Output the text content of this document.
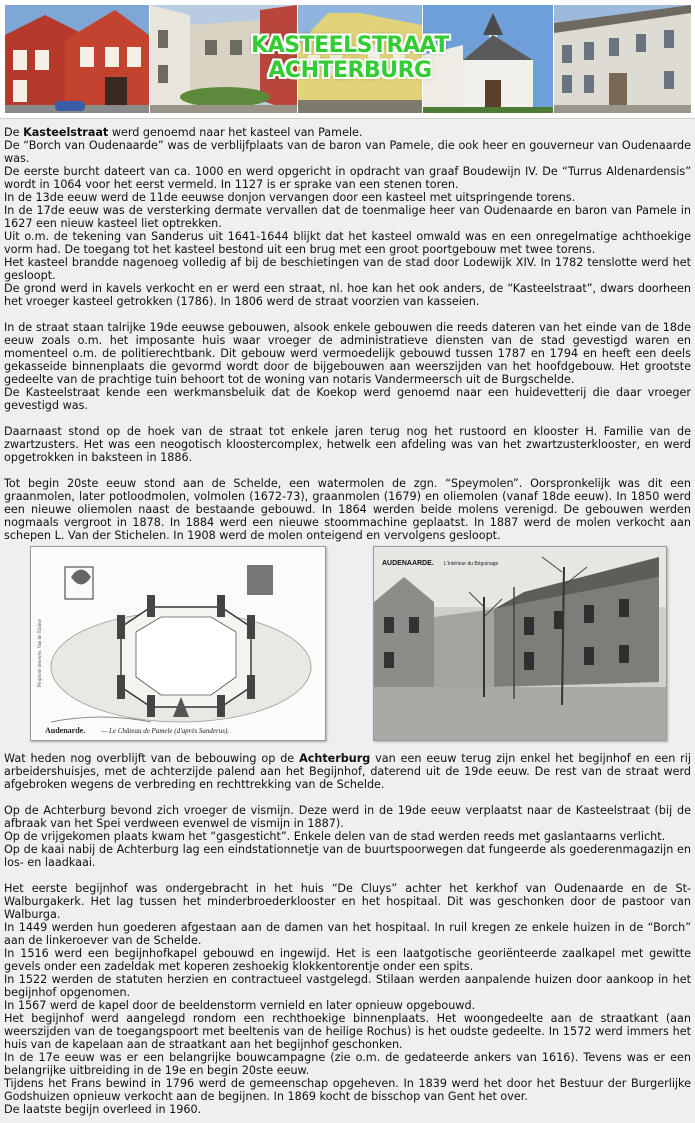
KASTEELSTRAAT
ACHTERBURG

De Kasteelstraat werd genoemd naar het kasteel van Pamele.

De “Borch van Oudenaarde” was de verblijfplaats van de baron van Pamele, die ook heer en gouverneur van Oudenaarde was.

De eerste burcht dateert van ca. 1000 en werd opgericht in opdracht van graaf Boudewijn IV. De “Turrus Aldenardensis” wordt in 1064 voor het eerst vermeld. In 1127 is er sprake van een stenen toren.

In de 13de eeuw werd de 11de eeuwse donjon vervangen door een kasteel met uitspringende torens.

In de 17de eeuw was de versterking dermate vervallen dat de toenmalige heer van Oudenaarde en baron van Pamele in 1627 een nieuw kasteel liet optrekken.

Uit o.m. de tekening van Sanderus uit 1641-1644 blijkt dat het kasteel omwald was en een onregelmatige achthoekige vorm had. De toegang tot het kasteel bestond uit een brug met een groot poortgebouw met twee torens.

Het kasteel brandde nagenoeg volledig af bij de beschietingen van de stad door Lodewijk XIV. In 1782 tenslotte werd het gesloopt.

De grond werd in kavels verkocht en er werd een straat, nl. hoe kan het ook anders, de “Kasteelstraat”, dwars doorheen het vroeger kasteel getrokken (1786). In 1806 werd de straat voorzien van kasseien.

In de straat staan talrijke 19de eeuwse gebouwen, alsook enkele gebouwen die reeds dateren van het einde van de 18de eeuw zoals o.m. het imposante huis waar vroeger de administratieve diensten van de stad gevestigd waren en momenteel o.m. de politierechtbank. Dit gebouw werd vermoedelijk gebouwd tussen 1787 en 1794 en heeft een deels gekasseide binnenplaats die gevormd wordt door de bijgebouwen aan weerszijden van het hoofdgebouw. Het grootste gedeelte van de prachtige tuin behoort tot de woning van notaris Vandermeersch uit de Burgschelde.

De Kasteelstraat kende een werkmansbeluik dat de Koekop werd genoemd naar een huidevetterij die daar vroeger gevestigd was.

Daarnaast stond op de hoek van de straat tot enkele jaren terug nog het rustoord en klooster H. Familie van de zwartzusters. Het was een neogotisch kloostercomplex, hetwelk een afdeling was van het zwartzusterklooster, en werd opgetrokken in baksteen in 1886.

Tot begin 20ste eeuw stond aan de Schelde, een watermolen de zgn. “Speymolen”. Oorspronkelijk was dit een graanmolen, later potloodmolen, volmolen (1672-73), graanmolen (1679) en oliemolen (vanaf 18de eeuw). In 1850 werd een nieuwe oliemolen naast de bestaande gebouwd. In 1864 werden beide molens verenigd. De gebouwen werden nogmaals vergroot in 1878. In 1884 werd een nieuwe stoommachine geplaatst. In 1887 werd de molen verkocht aan schepen L. Van der Stichelen. In 1908 werd de molen onteigend en vervolgens gesloopt.

Audenarde. — Le Château de Pamele (d'après Sanderus).
Proprieté réservée. Van de Tijdere
AUDENAARDE. L'Intérieur du Béguinage

Wat heden nog overblijft van de bebouwing op de Achterburg van een eeuw terug zijn enkel het begijnhof en een rij arbeidershuisjes, met de achterzijde palend aan het Begijnhof, daterend uit de 19de eeuw. De rest van de straat werd afgebroken wegens de verbreding en rechttrekking van de Schelde.

Op de Achterburg bevond zich vroeger de vismijn. Deze werd in de 19de eeuw verplaatst naar de Kasteelstraat (bij de afbraak van het Spei verdween evenwel de vismijn in 1887).

Op de vrijgekomen plaats kwam het “gasgesticht”. Enkele delen van de stad werden reeds met gaslantaarns verlicht.

Op de kaai nabij de Achterburg lag een eindstationnetje van de buurtspoorwegen dat fungeerde als goederenmagazijn en los- en laadkaai.

Het eerste begijnhof was ondergebracht in het huis “De Cluys” achter het kerkhof van Oudenaarde en de St-Walburgakerk. Het lag tussen het minderbroederklooster en het hospitaal. Dit was geschonken door de pastoor van Walburga.

In 1449 werden hun goederen afgestaan aan de damen van het hospitaal. In ruil kregen ze enkele huizen in de “Borch” aan de linkeroever van de Schelde.

In 1516 werd een begijnhofkapel gebouwd en ingewijd. Het is een laatgotische georiënteerde zaalkapel met gewitte gevels onder een zadeldak met koperen zeshoekig klokkentorentje onder een spits.

In 1522 werden de statuten herzien en contractueel vastgelegd. Stilaan werden aanpalende huizen door aankoop in het begijnhof opgenomen.

In 1567 werd de kapel door de beeldenstorm vernield en later opnieuw opgebouwd.

Het begijnhof werd aangelegd rondom een rechthoekige binnenplaats. Het woongedeelte aan de straatkant (aan weerszijden van de toegangspoort met beeltenis van de heilige Rochus) is het oudste gedeelte. In 1572 werd immers het huis van de kapelaan aan de straatkant aan het begijnhof geschonken.

In de 17e eeuw was er een belangrijke bouwcampagne (zie o.m. de gedateerde ankers van 1616). Tevens was er een belangrijke uitbreiding in de 19e en begin 20ste eeuw.

Tijdens het Frans bewind in 1796 werd de gemeenschap opgeheven. In 1839 werd het door het Bestuur der Burgerlijke Godshuizen opnieuw verkocht aan de begijnen. In 1869 kocht de bisschop van Gent het over.

De laatste begijn overleed in 1960.
